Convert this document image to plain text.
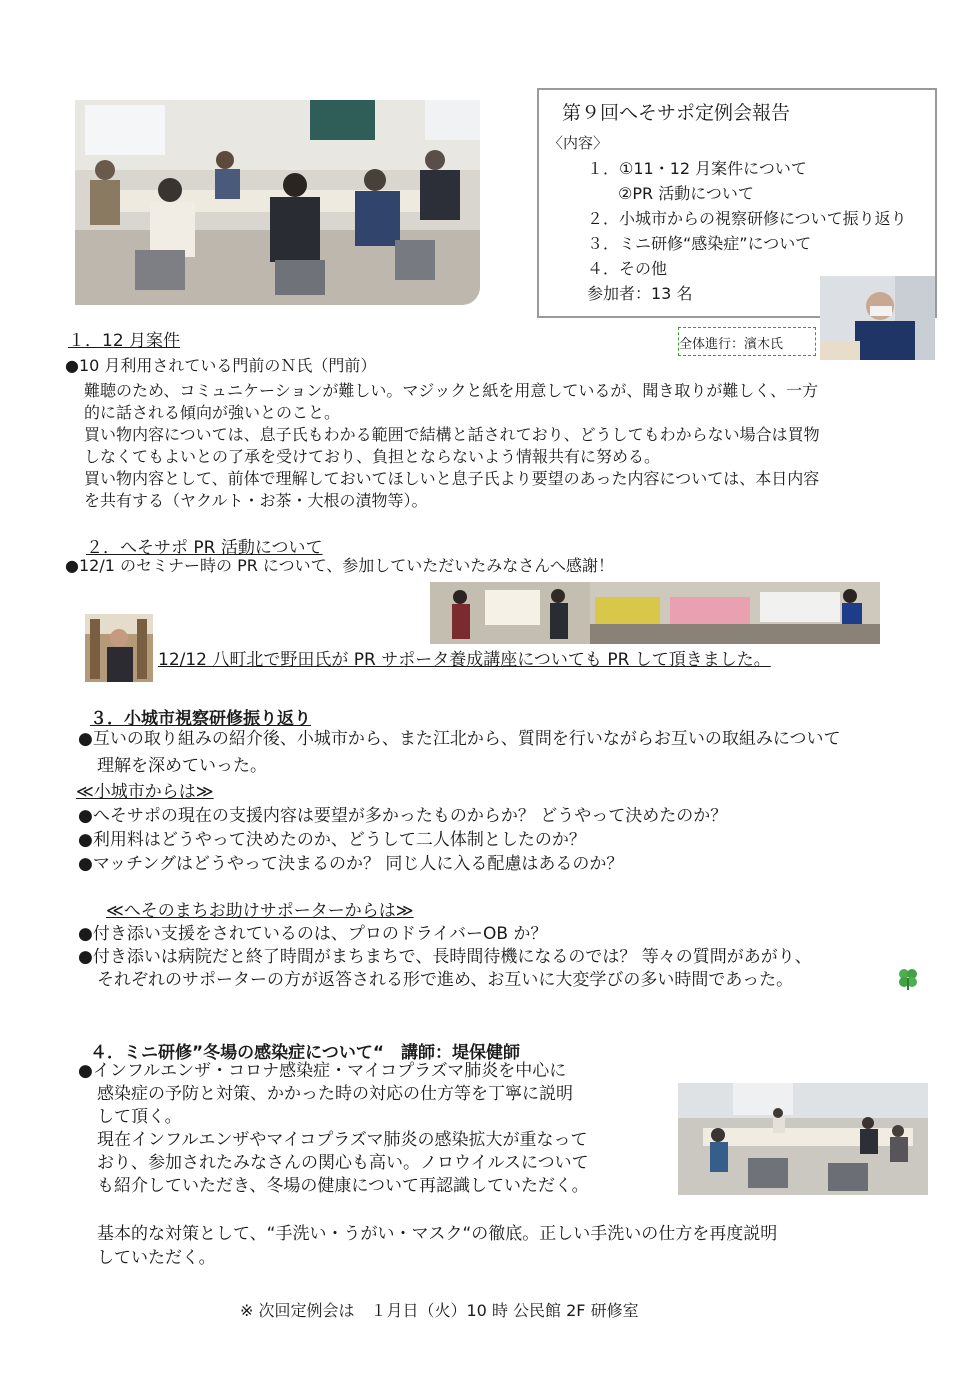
第９回へそサポ定例会報告
〈内容〉
１．①11・12 月案件について
②PR 活動について
２．小城市からの視察研修について振り返り
３．ミニ研修“感染症”について
４．その他
参加者：13 名
全体進行：濱木氏
１．12 月案件
●10 月利用されている門前のＮ氏（門前）
難聴のため、コミュニケーションが難しい。マジックと紙を用意しているが、聞き取りが難しく、一方
的に話される傾向が強いとのこと。
買い物内容については、息子氏もわかる範囲で結構と話されており、どうしてもわからない場合は買物
しなくてもよいとの了承を受けており、負担とならないよう情報共有に努める。
買い物内容として、前体で理解しておいてほしいと息子氏より要望のあった内容については、本日内容
を共有する（ヤクルト・お茶・大根の漬物等）。
２．へそサポ PR 活動について
●12/1 のセミナー時の PR について、参加していただいたみなさんへ感謝！
12/12 八町北で野田氏が PR サポータ養成講座についても PR して頂きました。
３．小城市視察研修振り返り
●互いの取り組みの紹介後、小城市から、また江北から、質問を行いながらお互いの取組みについて
理解を深めていった。
≪小城市からは≫
●へそサポの現在の支援内容は要望が多かったものからか？ どうやって決めたのか？
●利用料はどうやって決めたのか、どうして二人体制としたのか？
●マッチングはどうやって決まるのか？ 同じ人に入る配慮はあるのか？
≪へそのまちお助けサポーターからは≫
●付き添い支援をされているのは、プロのドライバーOB か？
●付き添いは病院だと終了時間がまちまちで、長時間待機になるのでは？ 等々の質問があがり、
それぞれのサポーターの方が返答される形で進め、お互いに大変学びの多い時間であった。
４．ミニ研修”冬場の感染症について“　講師：堤保健師
●インフルエンザ・コロナ感染症・マイコプラズマ肺炎を中心に
感染症の予防と対策、かかった時の対応の仕方等を丁寧に説明
して頂く。
現在インフルエンザやマイコプラズマ肺炎の感染拡大が重なって
おり、参加されたみなさんの関心も高い。ノロウイルスについて
も紹介していただき、冬場の健康について再認識していただく。
基本的な対策として、“手洗い・うがい・マスク“の徹底。正しい手洗いの仕方を再度説明
していただく。
※ 次回定例会は　１月日（火）10 時 公民館 2F 研修室
